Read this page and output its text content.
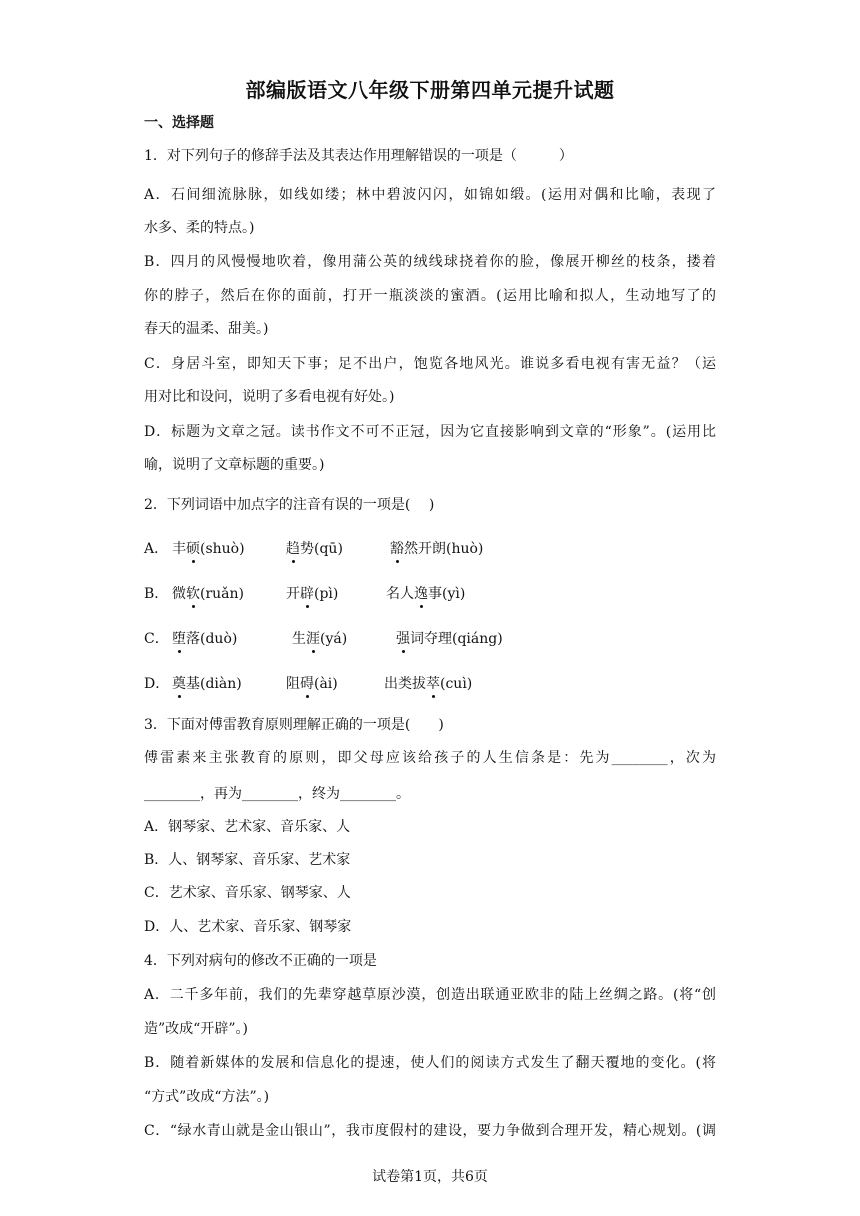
部编版语文八年级下册第四单元提升试题
一、选择题
1．对下列句子的修辞手法及其表达作用理解错误的一项是（　　　）
A．石间细流脉脉，如线如缕；林中碧波闪闪，如锦如缎。(运用对偶和比喻，表现了
水多、柔的特点。)
B．四月的风慢慢地吹着，像用蒲公英的绒线球挠着你的脸，像展开柳丝的枝条，搂着
你的脖子，然后在你的面前，打开一瓶淡淡的蜜酒。(运用比喻和拟人，生动地写了的
春天的温柔、甜美。)
C．身居斗室，即知天下事；足不出户，饱览各地风光。谁说多看电视有害无益？（运
用对比和设问，说明了多看电视有好处。)
D．标题为文章之冠。读书作文不可不正冠，因为它直接影响到文章的“形象”。(运用比
喻，说明了文章标题的重要。)
2．下列词语中加点字的注音有误的一项是(　 )
A． 丰硕(shuò)	趋势(qū)	豁然开朗(huò)
B． 微软(ruǎn)	开辟(pì)	名人逸事(yì)
C． 堕落(duò)	生涯(yá)	强词夺理(qiáng)
D． 奠基(diàn)	阻碍(ài)	出类拔萃(cuì)
3．下面对傅雷教育原则理解正确的一项是(　　)
傅雷素来主张教育的原则，即父母应该给孩子的人生信条是：先为________，次为
________，再为________，终为________。
A．钢琴家、艺术家、音乐家、人
B．人、钢琴家、音乐家、艺术家
C．艺术家、音乐家、钢琴家、人
D．人、艺术家、音乐家、钢琴家
4．下列对病句的修改不正确的一项是
A．二千多年前，我们的先辈穿越草原沙漠，创造出联通亚欧非的陆上丝绸之路。(将“创
造”改成“开辟”。)
B．随着新媒体的发展和信息化的提速，使人们的阅读方式发生了翻天覆地的变化。(将
“方式”改成“方法”。)
C．“绿水青山就是金山银山”，我市度假村的建设，要力争做到合理开发，精心规划。(调
试卷第1页，共6页
